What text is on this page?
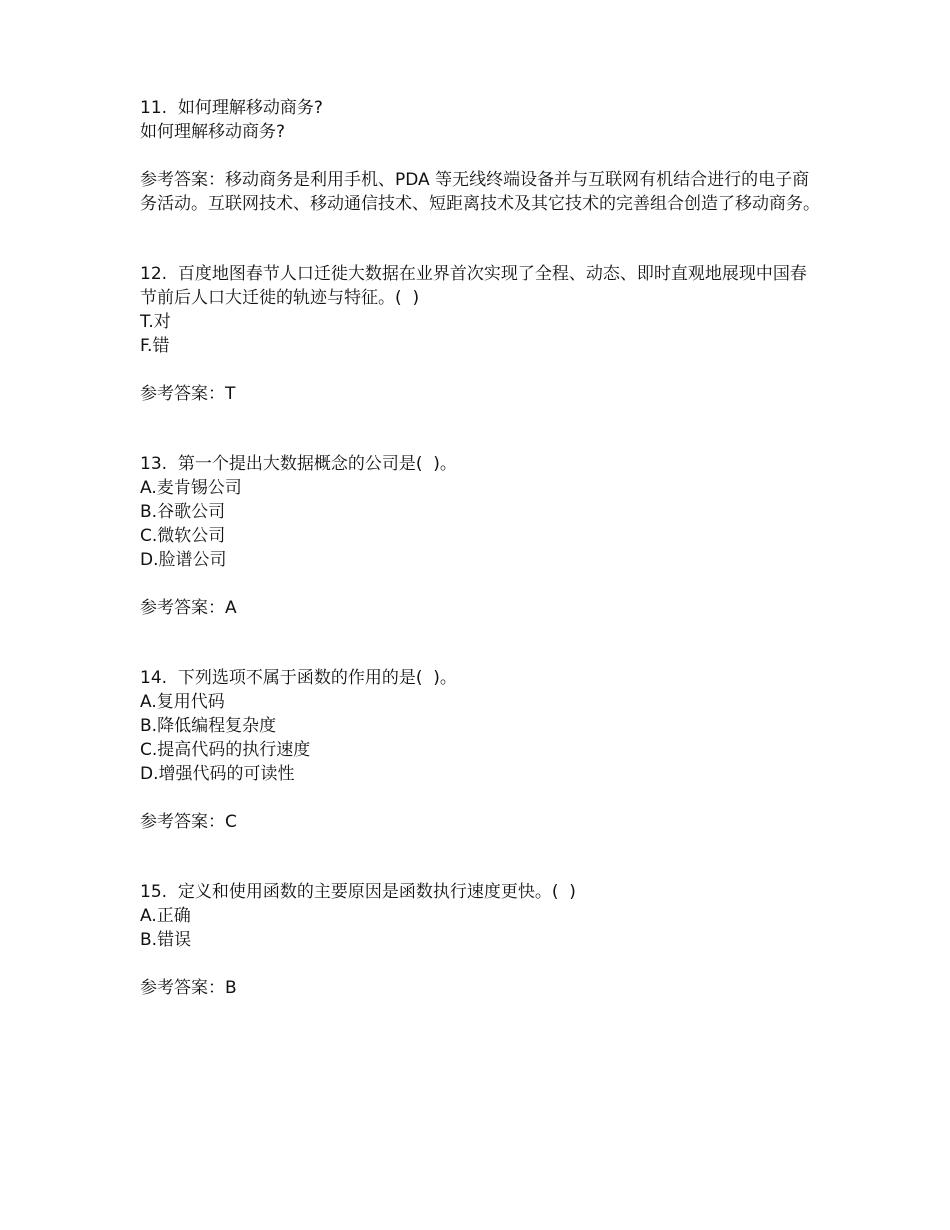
11.  如何理解移动商务?

如何理解移动商务?

参考答案：移动商务是利用手机、PDA 等无线终端设备并与互联网有机结合进行的电子商务活动。互联网技术、移动通信技术、短距离技术及其它技术的完善组合创造了移动商务。

12.  百度地图春节人口迁徙大数据在业界首次实现了全程、动态、即时直观地展现中国春节前后人口大迁徙的轨迹与特征。(  )

T.对
F.错

参考答案：T

13.  第一个提出大数据概念的公司是(  )。

A.麦肯锡公司
B.谷歌公司
C.微软公司
D.脸谱公司

参考答案：A

14.  下列选项不属于函数的作用的是(  )。

A.复用代码
B.降低编程复杂度
C.提高代码的执行速度
D.增强代码的可读性

参考答案：C

15.  定义和使用函数的主要原因是函数执行速度更快。(  )

A.正确
B.错误

参考答案：B
